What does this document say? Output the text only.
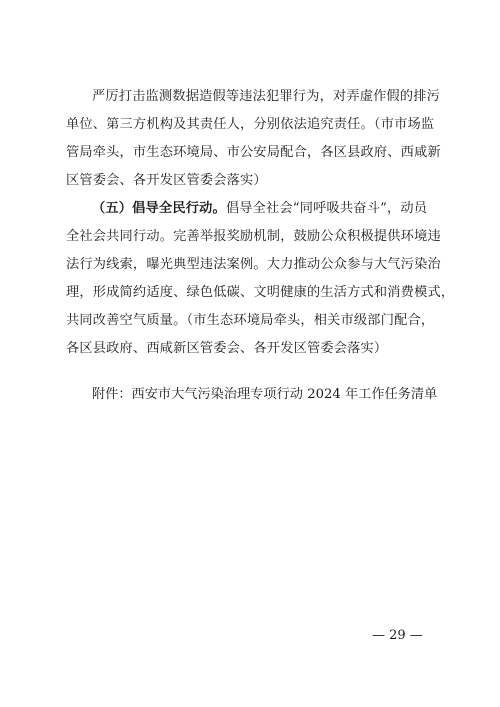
严厉打击监测数据造假等违法犯罪行为，对弄虚作假的排污
单位、第三方机构及其责任人，分别依法追究责任。（市市场监
管局牵头，市生态环境局、市公安局配合，各区县政府、西咸新
区管委会、各开发区管委会落实）
（五）倡导全民行动。倡导全社会“同呼吸共奋斗”，动员
全社会共同行动。完善举报奖励机制，鼓励公众积极提供环境违
法行为线索，曝光典型违法案例。大力推动公众参与大气污染治
理，形成简约适度、绿色低碳、文明健康的生活方式和消费模式，
共同改善空气质量。（市生态环境局牵头，相关市级部门配合，
各区县政府、西咸新区管委会、各开发区管委会落实）
附件：西安市大气污染治理专项行动 2024 年工作任务清单
— 29 —
